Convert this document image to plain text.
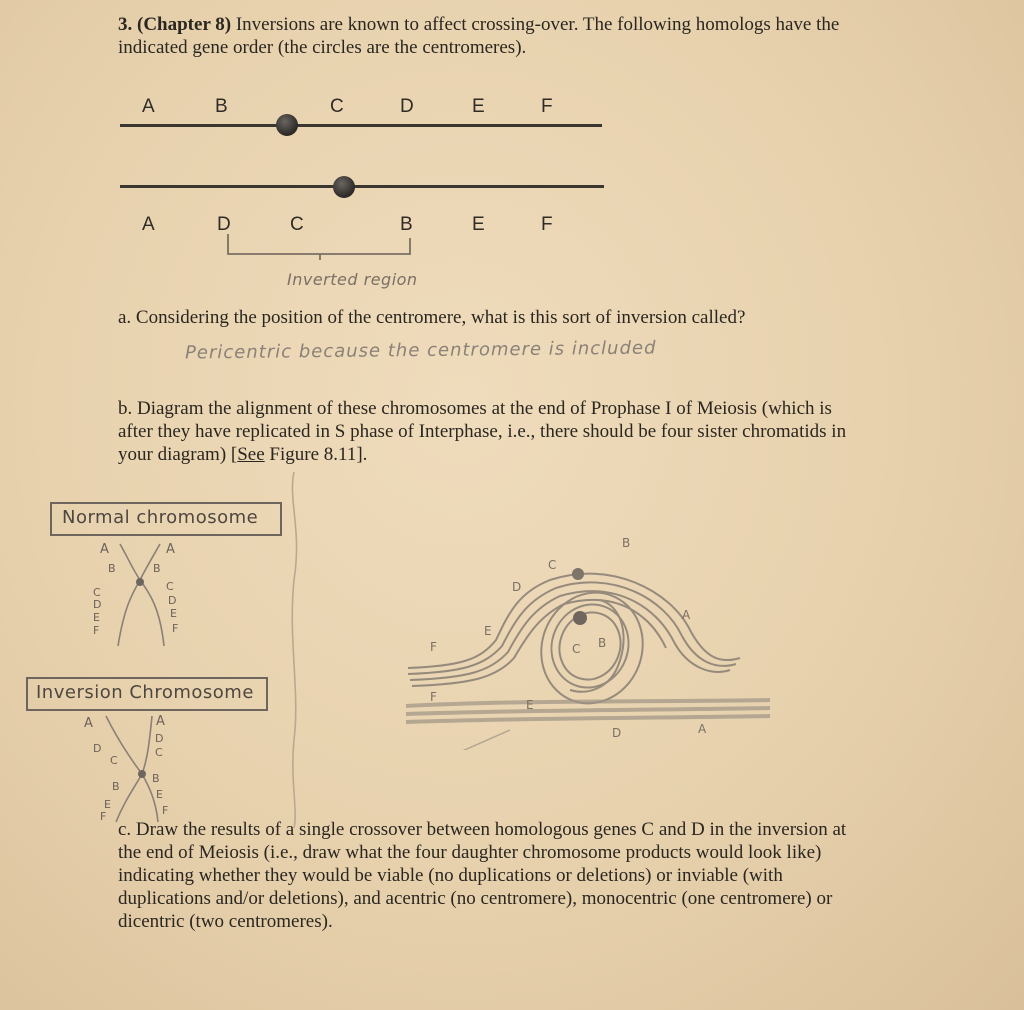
3. (Chapter 8) Inversions are known to affect crossing-over. The following homologs have the
indicated gene order (the circles are the centromeres).
A	B	C	D	E	F
A	D	C	B	E	F
Inverted region
a. Considering the position of the centromere, what is this sort of inversion called?
Pericentric because the centromere is included
b. Diagram the alignment of these chromosomes at the end of Prophase I of Meiosis (which is
after they have replicated in S phase of Interphase, i.e., there should be four sister chromatids in
your diagram) [See Figure 8.11].
Normal chromosome
A
B
C
D
E
F
A
B
C
D
E
F
Inversion Chromosome
A
D
C
B
E
F
A
D
C
B
E
F
D
C
B
A
F
E
C B
F
E
D	A
c. Draw the results of a single crossover between homologous genes C and D in the inversion at
the end of Meiosis (i.e., draw what the four daughter chromosome products would look like)
indicating whether they would be viable (no duplications or deletions) or inviable (with
duplications and/or deletions), and acentric (no centromere), monocentric (one centromere) or
dicentric (two centromeres).
